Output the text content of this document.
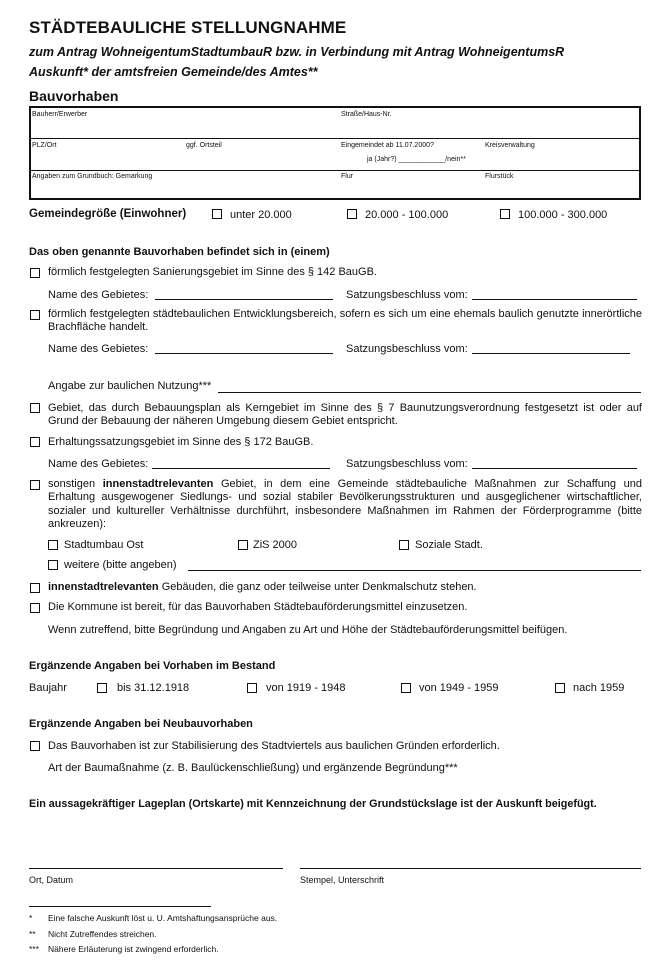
STÄDTEBAULICHE STELLUNGNAHME
zum Antrag WohneigentumStadtumbauR bzw. in Verbindung mit Antrag WohneigentumsR
Auskunft* der amtsfreien Gemeinde/des Amtes**
Bauvorhaben
Bauherr/Erwerber	Straße/Haus-Nr.
PLZ/Ort	ggf. Ortsteil	Eingemeindet ab 11.07.2000?	Kreisverwaltung
ja (Jahr?) ____________/nein**
Angaben zum Grundbuch: Gemarkung	Flur	Flurstück
Gemeindegröße (Einwohner)	unter 20.000	20.000 - 100.000	100.000 - 300.000
Das oben genannte Bauvorhaben befindet sich in (einem)
förmlich festgelegten Sanierungsgebiet im Sinne des § 142 BauGB.
Name des Gebietes:	Satzungsbeschluss vom:
förmlich festgelegten städtebaulichen Entwicklungsbereich, sofern es sich um eine ehemals baulich genutzte innerörtliche Brachfläche handelt.
Name des Gebietes:	Satzungsbeschluss vom:
Angabe zur baulichen Nutzung***
Gebiet, das durch Bebauungsplan als Kerngebiet im Sinne des § 7 Baunutzungsverordnung festgesetzt ist oder auf Grund der Bebauung der näheren Umgebung diesem Gebiet entspricht.
Erhaltungssatzungsgebiet im Sinne des § 172 BauGB.
Name des Gebietes:	Satzungsbeschluss vom:
sonstigen innenstadtrelevanten Gebiet, in dem eine Gemeinde städtebauliche Maßnahmen zur Schaffung und Erhaltung ausgewogener Siedlungs- und sozial stabiler Bevölkerungsstrukturen und ausgeglichener wirtschaftlicher, sozialer und kultureller Verhältnisse durchführt, insbesondere Maßnahmen im Rahmen der Förderprogramme (bitte ankreuzen):
Stadtumbau Ost	ZiS 2000	Soziale Stadt.
weitere (bitte angeben)
innenstadtrelevanten Gebäuden, die ganz oder teilweise unter Denkmalschutz stehen.
Die Kommune ist bereit, für das Bauvorhaben Städtebauförderungsmittel einzusetzen.
Wenn zutreffend, bitte Begründung und Angaben zu Art und Höhe der Städtebauförderungsmittel beifügen.
Ergänzende Angaben bei Vorhaben im Bestand
Baujahr	bis 31.12.1918	von 1919 - 1948	von 1949 - 1959	nach 1959
Ergänzende Angaben bei Neubauvorhaben
Das Bauvorhaben ist zur Stabilisierung des Stadtviertels aus baulichen Gründen erforderlich.
Art der Baumaßnahme (z. B. Baulückenschließung) und ergänzende Begründung***
Ein aussagekräftiger Lageplan (Ortskarte) mit Kennzeichnung der Grundstückslage ist der Auskunft beigefügt.
Ort, Datum	Stempel, Unterschrift
* Eine falsche Auskunft löst u. U. Amtshaftungsansprüche aus.
** Nicht Zutreffendes streichen.
*** Nähere Erläuterung ist zwingend erforderlich.
